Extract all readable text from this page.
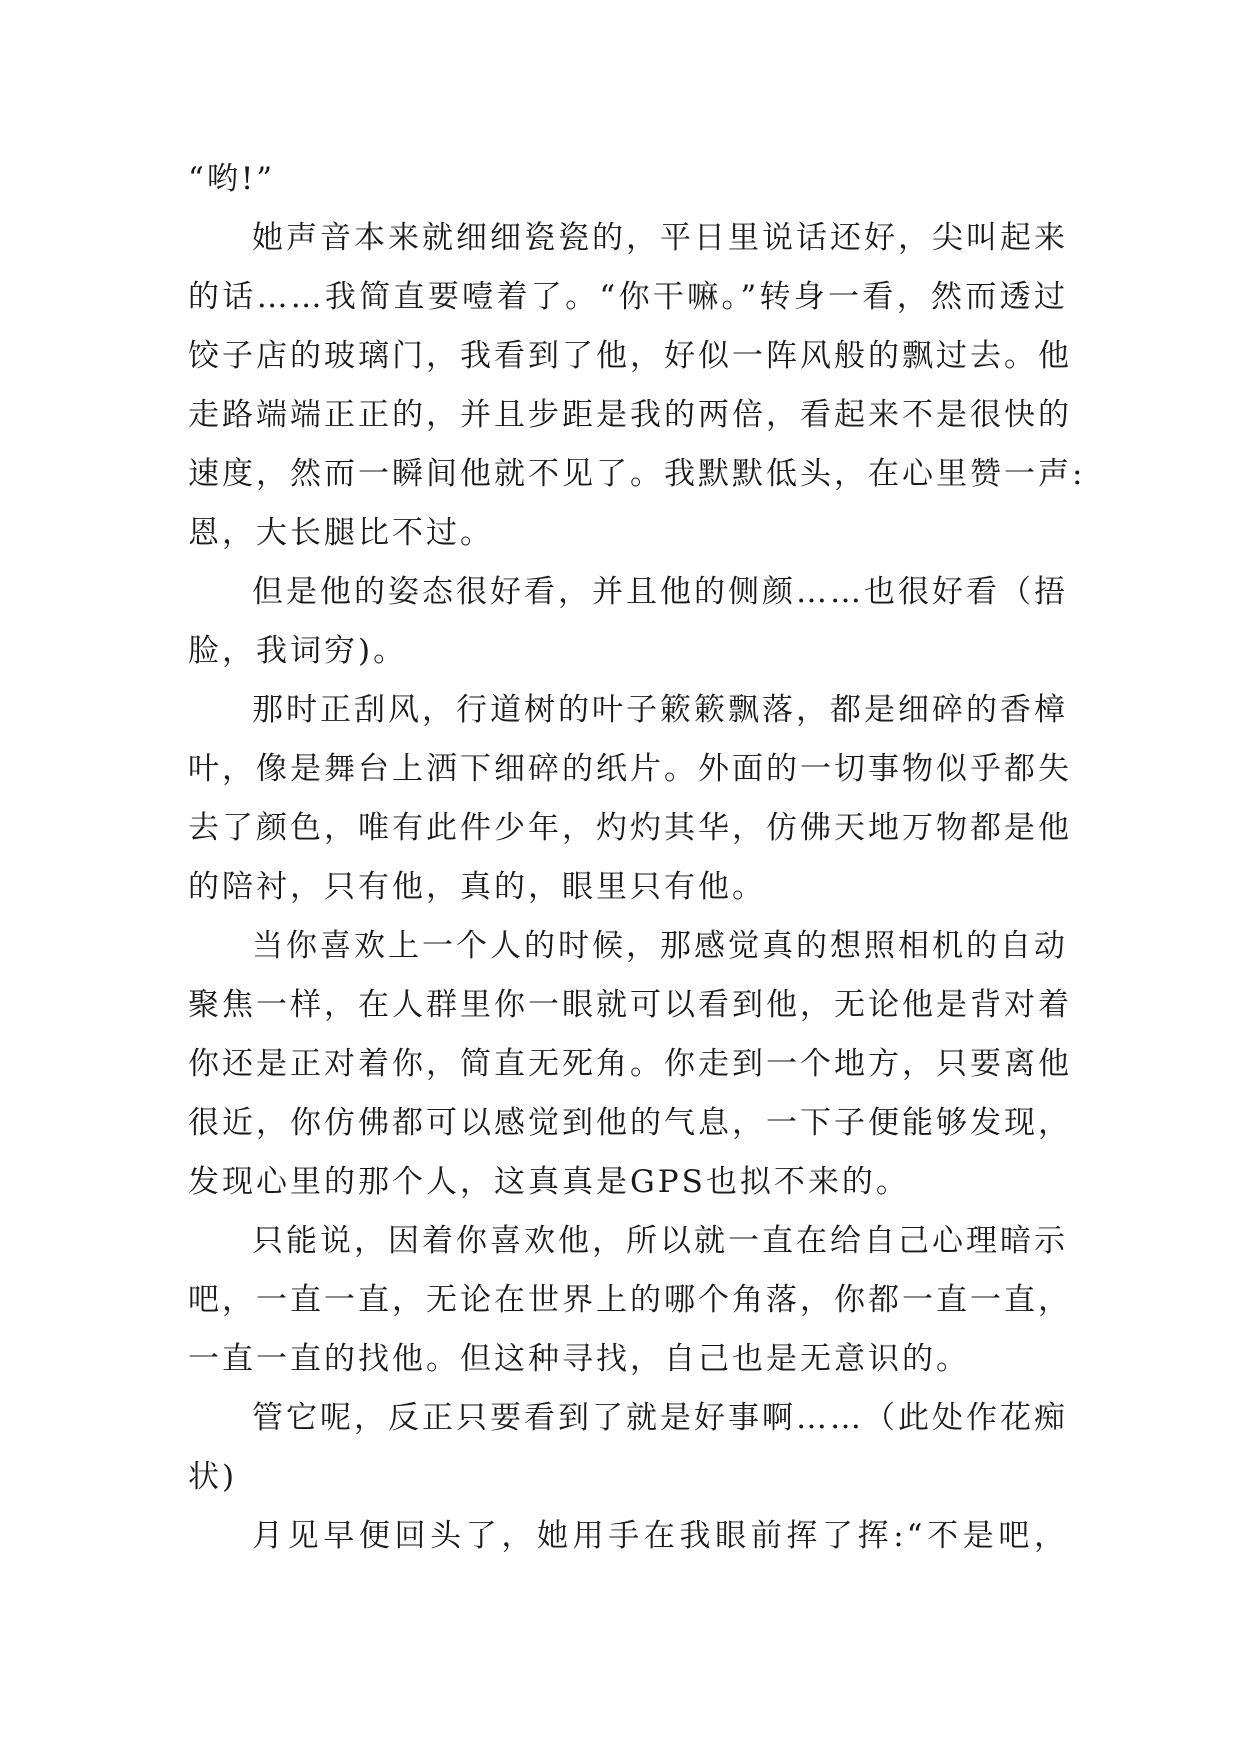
“哟!”
她声音本来就细细瓷瓷的，平日里说话还好，尖叫起来
的话……我简直要噎着了。“你干嘛。”转身一看，然而透过
饺子店的玻璃门，我看到了他，好似一阵风般的飘过去。他
走路端端正正的，并且步距是我的两倍，看起来不是很快的
速度，然而一瞬间他就不见了。我默默低头，在心里赞一声:
恩，大长腿比不过。
但是他的姿态很好看，并且他的侧颜……也很好看（捂
脸，我词穷)。
那时正刮风，行道树的叶子簌簌飘落，都是细碎的香樟
叶，像是舞台上洒下细碎的纸片。外面的一切事物似乎都失
去了颜色，唯有此件少年，灼灼其华，仿佛天地万物都是他
的陪衬，只有他，真的，眼里只有他。
当你喜欢上一个人的时候，那感觉真的想照相机的自动
聚焦一样，在人群里你一眼就可以看到他，无论他是背对着
你还是正对着你，简直无死角。你走到一个地方，只要离他
很近，你仿佛都可以感觉到他的气息，一下子便能够发现，
发现心里的那个人，这真真是GPS也拟不来的。
只能说，因着你喜欢他，所以就一直在给自己心理暗示
吧，一直一直，无论在世界上的哪个角落，你都一直一直，
一直一直的找他。但这种寻找，自己也是无意识的。
管它呢，反正只要看到了就是好事啊……（此处作花痴
状)
月见早便回头了，她用手在我眼前挥了挥:“不是吧，
